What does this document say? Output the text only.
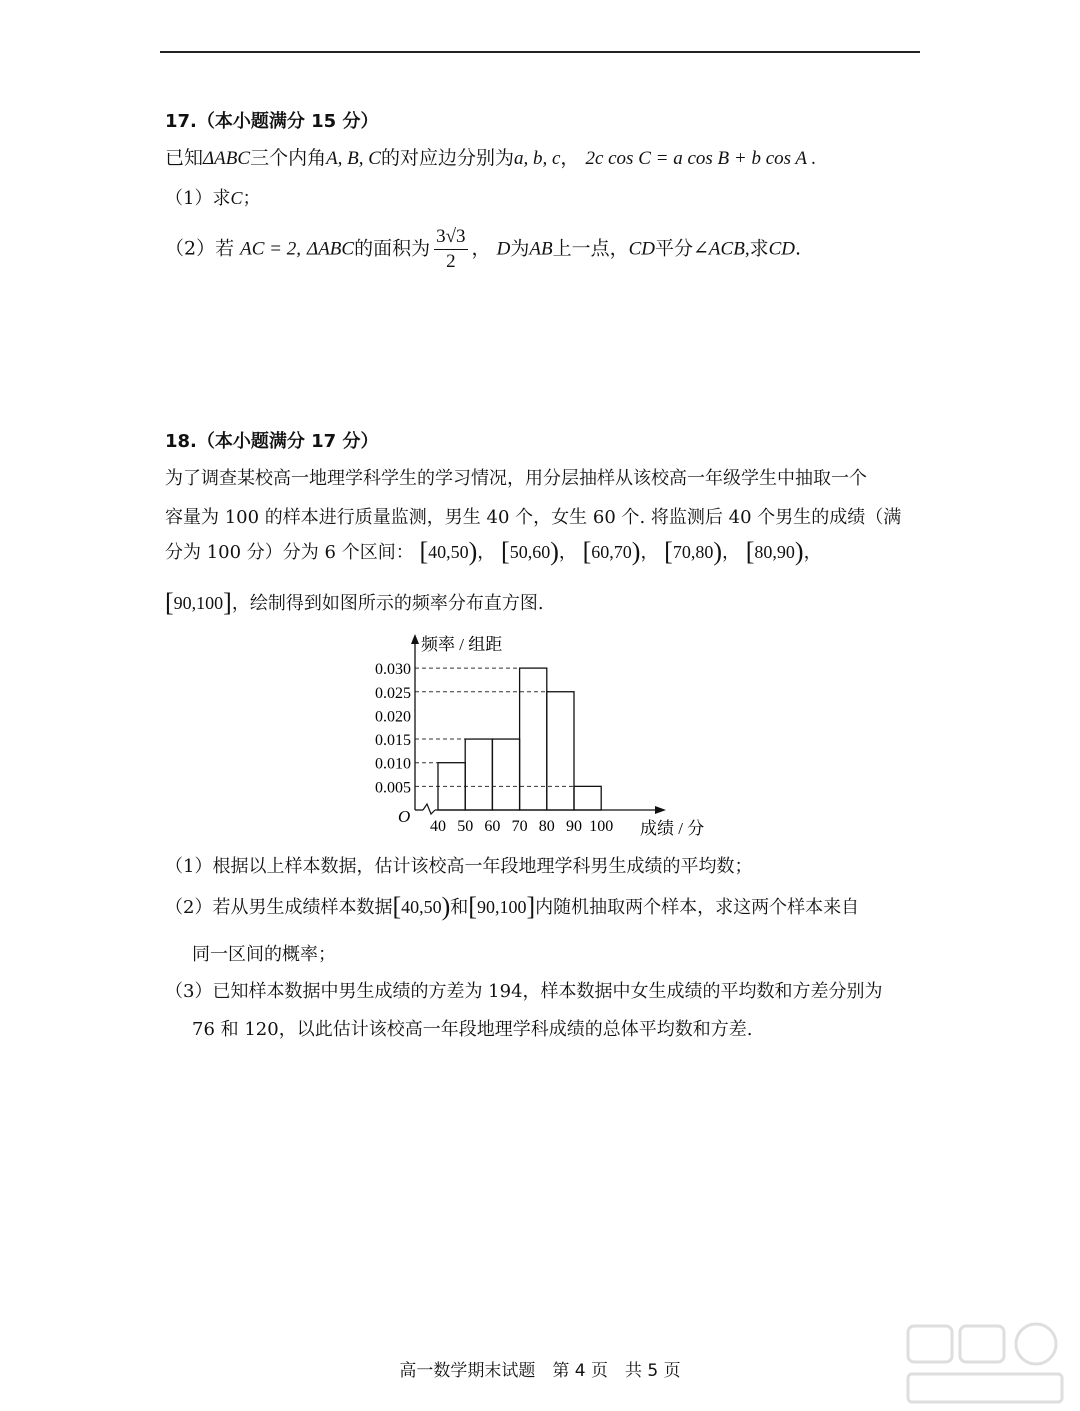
17.（本小题满分 15 分）
已知ΔABC三个内角A, B, C的对应边分别为a, b, c， 2c cos C = a cos B + b cos A .
（1）求C；
（2）若 AC = 2, ΔABC的面积为 $\frac{3√3}{2}$ ， D为AB上一点，CD平分∠ACB,求CD.
18.（本小题满分 17 分）
为了调查某校高一地理学科学生的学习情况，用分层抽样从该校高一年级学生中抽取一个
容量为 100 的样本进行质量监测，男生 40 个，女生 60 个. 将监测后 40 个男生的成绩（满
分为 100 分）分为 6 个区间： [40,50)， [50,60)， [60,70)， [70,80)， [80,90)，
[90,100]，绘制得到如图所示的频率分布直方图.
0.005
0.010
0.015
0.020
0.025
0.030
40 50 60 70 80 90 100
O
频率 / 组距
成绩 / 分
（1）根据以上样本数据，估计该校高一年段地理学科男生成绩的平均数；
（2）若从男生成绩样本数据[40,50)和[90,100]内随机抽取两个样本，求这两个样本来自
同一区间的概率；
（3）已知样本数据中男生成绩的方差为 194，样本数据中女生成绩的平均数和方差分别为
76 和 120，以此估计该校高一年段地理学科成绩的总体平均数和方差.
高一数学期末试题　第 4 页　共 5 页
